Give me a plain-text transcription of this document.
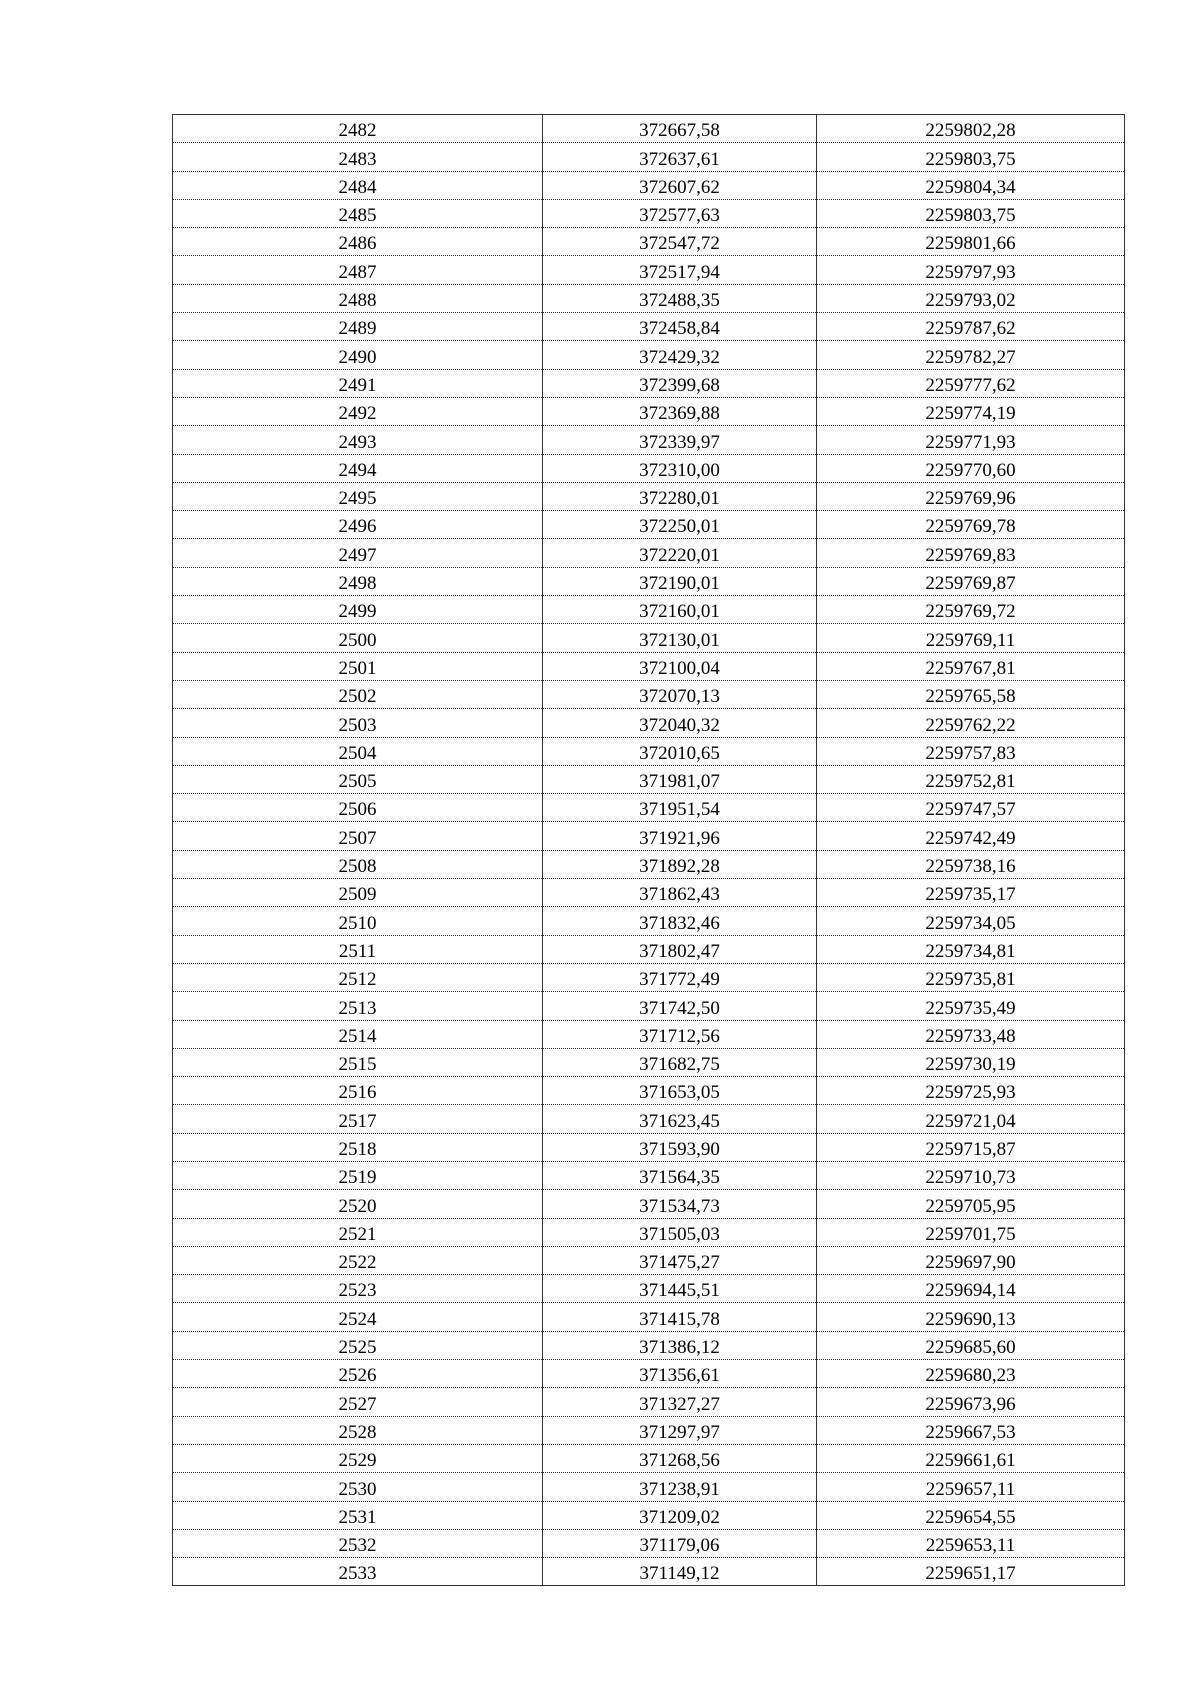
2482	372667,58	2259802,28
2483	372637,61	2259803,75
2484	372607,62	2259804,34
2485	372577,63	2259803,75
2486	372547,72	2259801,66
2487	372517,94	2259797,93
2488	372488,35	2259793,02
2489	372458,84	2259787,62
2490	372429,32	2259782,27
2491	372399,68	2259777,62
2492	372369,88	2259774,19
2493	372339,97	2259771,93
2494	372310,00	2259770,60
2495	372280,01	2259769,96
2496	372250,01	2259769,78
2497	372220,01	2259769,83
2498	372190,01	2259769,87
2499	372160,01	2259769,72
2500	372130,01	2259769,11
2501	372100,04	2259767,81
2502	372070,13	2259765,58
2503	372040,32	2259762,22
2504	372010,65	2259757,83
2505	371981,07	2259752,81
2506	371951,54	2259747,57
2507	371921,96	2259742,49
2508	371892,28	2259738,16
2509	371862,43	2259735,17
2510	371832,46	2259734,05
2511	371802,47	2259734,81
2512	371772,49	2259735,81
2513	371742,50	2259735,49
2514	371712,56	2259733,48
2515	371682,75	2259730,19
2516	371653,05	2259725,93
2517	371623,45	2259721,04
2518	371593,90	2259715,87
2519	371564,35	2259710,73
2520	371534,73	2259705,95
2521	371505,03	2259701,75
2522	371475,27	2259697,90
2523	371445,51	2259694,14
2524	371415,78	2259690,13
2525	371386,12	2259685,60
2526	371356,61	2259680,23
2527	371327,27	2259673,96
2528	371297,97	2259667,53
2529	371268,56	2259661,61
2530	371238,91	2259657,11
2531	371209,02	2259654,55
2532	371179,06	2259653,11
2533	371149,12	2259651,17
